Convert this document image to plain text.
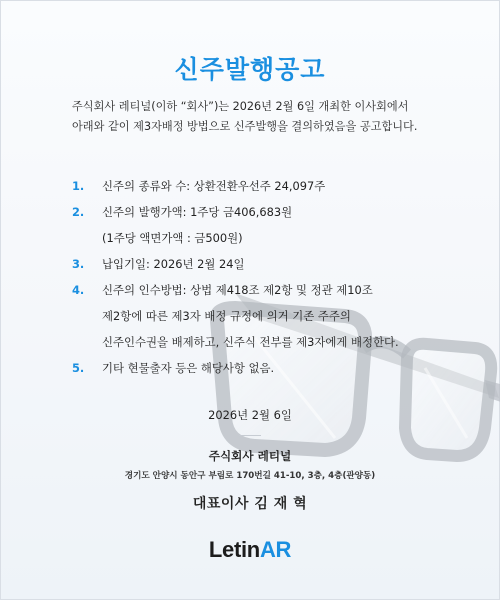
신주발행공고

주식회사 레티널(이하 “회사”)는 2026년 2월 6일 개최한 이사회에서

아래와 같이 제3자배정 방법으로 신주발행을 결의하였음을 공고합니다.

1.	신주의 종류와 수: 상환전환우선주 24,097주
2.	신주의 발행가액: 1주당 금406,683원
(1주당 액면가액 : 금500원)
3.	납입기일: 2026년 2월 24일
4.	신주의 인수방법: 상법 제418조 제2항 및 정관 제10조
제2항에 따른 제3자 배정 규정에 의거 기존 주주의
신주인수권을 배제하고, 신주식 전부를 제3자에게 배정한다.
5.	기타 현물출자 등은 해당사항 없음.
2026년 2월 6일
주식회사 레티널
경기도 안양시 동안구 부림로 170번길 41-10, 3층, 4층(관양동)
대표이사 김 재 혁
LetinAR
